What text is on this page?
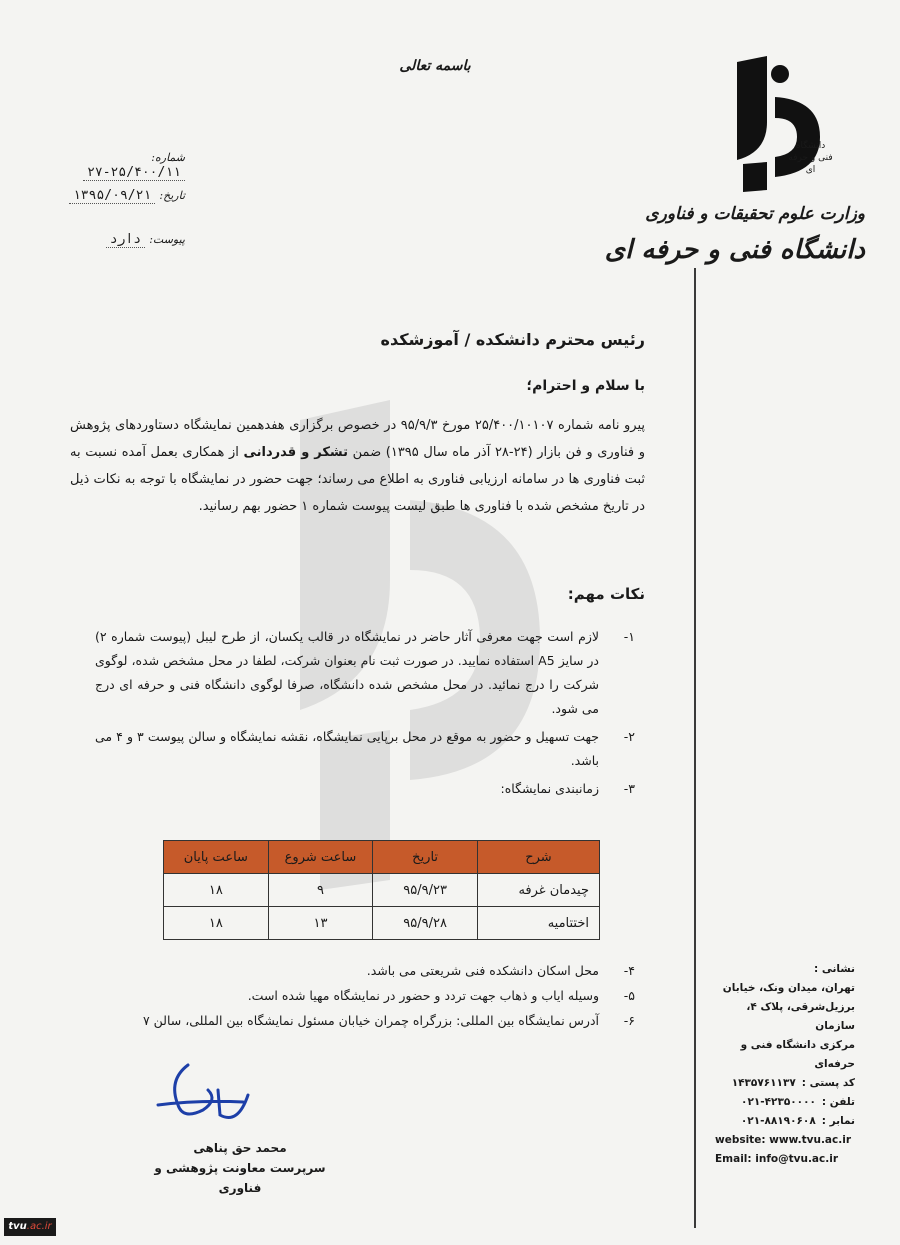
باسمه تعالی
دانشگاه فنی و حرفه ای
وزارت علوم تحقیقات و فناوری
دانشگاه فنی و حرفه ای
شماره: ۲۵/۴۰۰/۱۱-۲۷
تاریخ: ۱۳۹۵/۰۹/۲۱
پیوست: دارد
رئیس محترم دانشکده / آموزشکده
با سلام و احترام؛
پیرو نامه شماره ۲۵/۴۰۰/۱۰۱۰۷ مورخ ۹۵/۹/۳ در خصوص برگزاری هفدهمین نمایشگاه دستاوردهای پژوهش و فناوری و فن بازار (۲۴-۲۸ آذر ماه سال ۱۳۹۵) ضمن تشکر و قدردانی از همکاری بعمل آمده نسبت به ثبت فناوری ها در سامانه ارزیابی فناوری به اطلاع می رساند؛ جهت حضور در نمایشگاه با توجه به نکات ذیل در تاریخ مشخص شده با فناوری ها طبق لیست پیوست شماره ۱ حضور بهم رسانید.
نکات مهم:
۱-
لازم است جهت معرفی آثار حاضر در نمایشگاه در قالب یکسان، از طرح لیبل (پیوست شماره ۲) در سایز A5 استفاده نمایید. در صورت ثبت نام بعنوان شرکت، لطفا در محل مشخص شده، لوگوی شرکت را درج نمائید. در محل مشخص شده دانشگاه، صرفا لوگوی دانشگاه فنی و حرفه ای درج می شود.
۲-
جهت تسهیل و حضور به موقع در محل برپایی نمایشگاه، نقشه نمایشگاه و سالن پیوست ۳ و ۴ می باشد.
۳-
زمانبندی نمایشگاه:
شرح	تاریخ	ساعت شروع	ساعت پایان
چیدمان غرفه	۹۵/۹/۲۳	۹	۱۸
اختتامیه	۹۵/۹/۲۸	۱۳	۱۸
۴-
محل اسکان دانشکده فنی شریعتی می باشد.
۵-
وسیله ایاب و ذهاب جهت تردد و حضور در نمایشگاه مهیا شده است.
۶-
آدرس نمایشگاه بین المللی: بزرگراه چمران خیابان مسئول نمایشگاه بین المللی، سالن ۷
محمد حق پناهی
سرپرست معاونت پژوهشی و فناوری
نشانی :
تهران، میدان ونک، خیابان
برزیل‌شرقی، پلاک ۴، سازمان
مرکزی دانشگاه فنی و حرفه‌ای
کد پستی :
۱۴۳۵۷۶۱۱۳۷
تلفن :
۰۲۱-۴۲۳۵۰۰۰۰
نمابر :
۰۲۱-۸۸۱۹۰۶۰۸
website: www.tvu.ac.ir
Email: info@tvu.ac.ir
tvu.ac.ir
